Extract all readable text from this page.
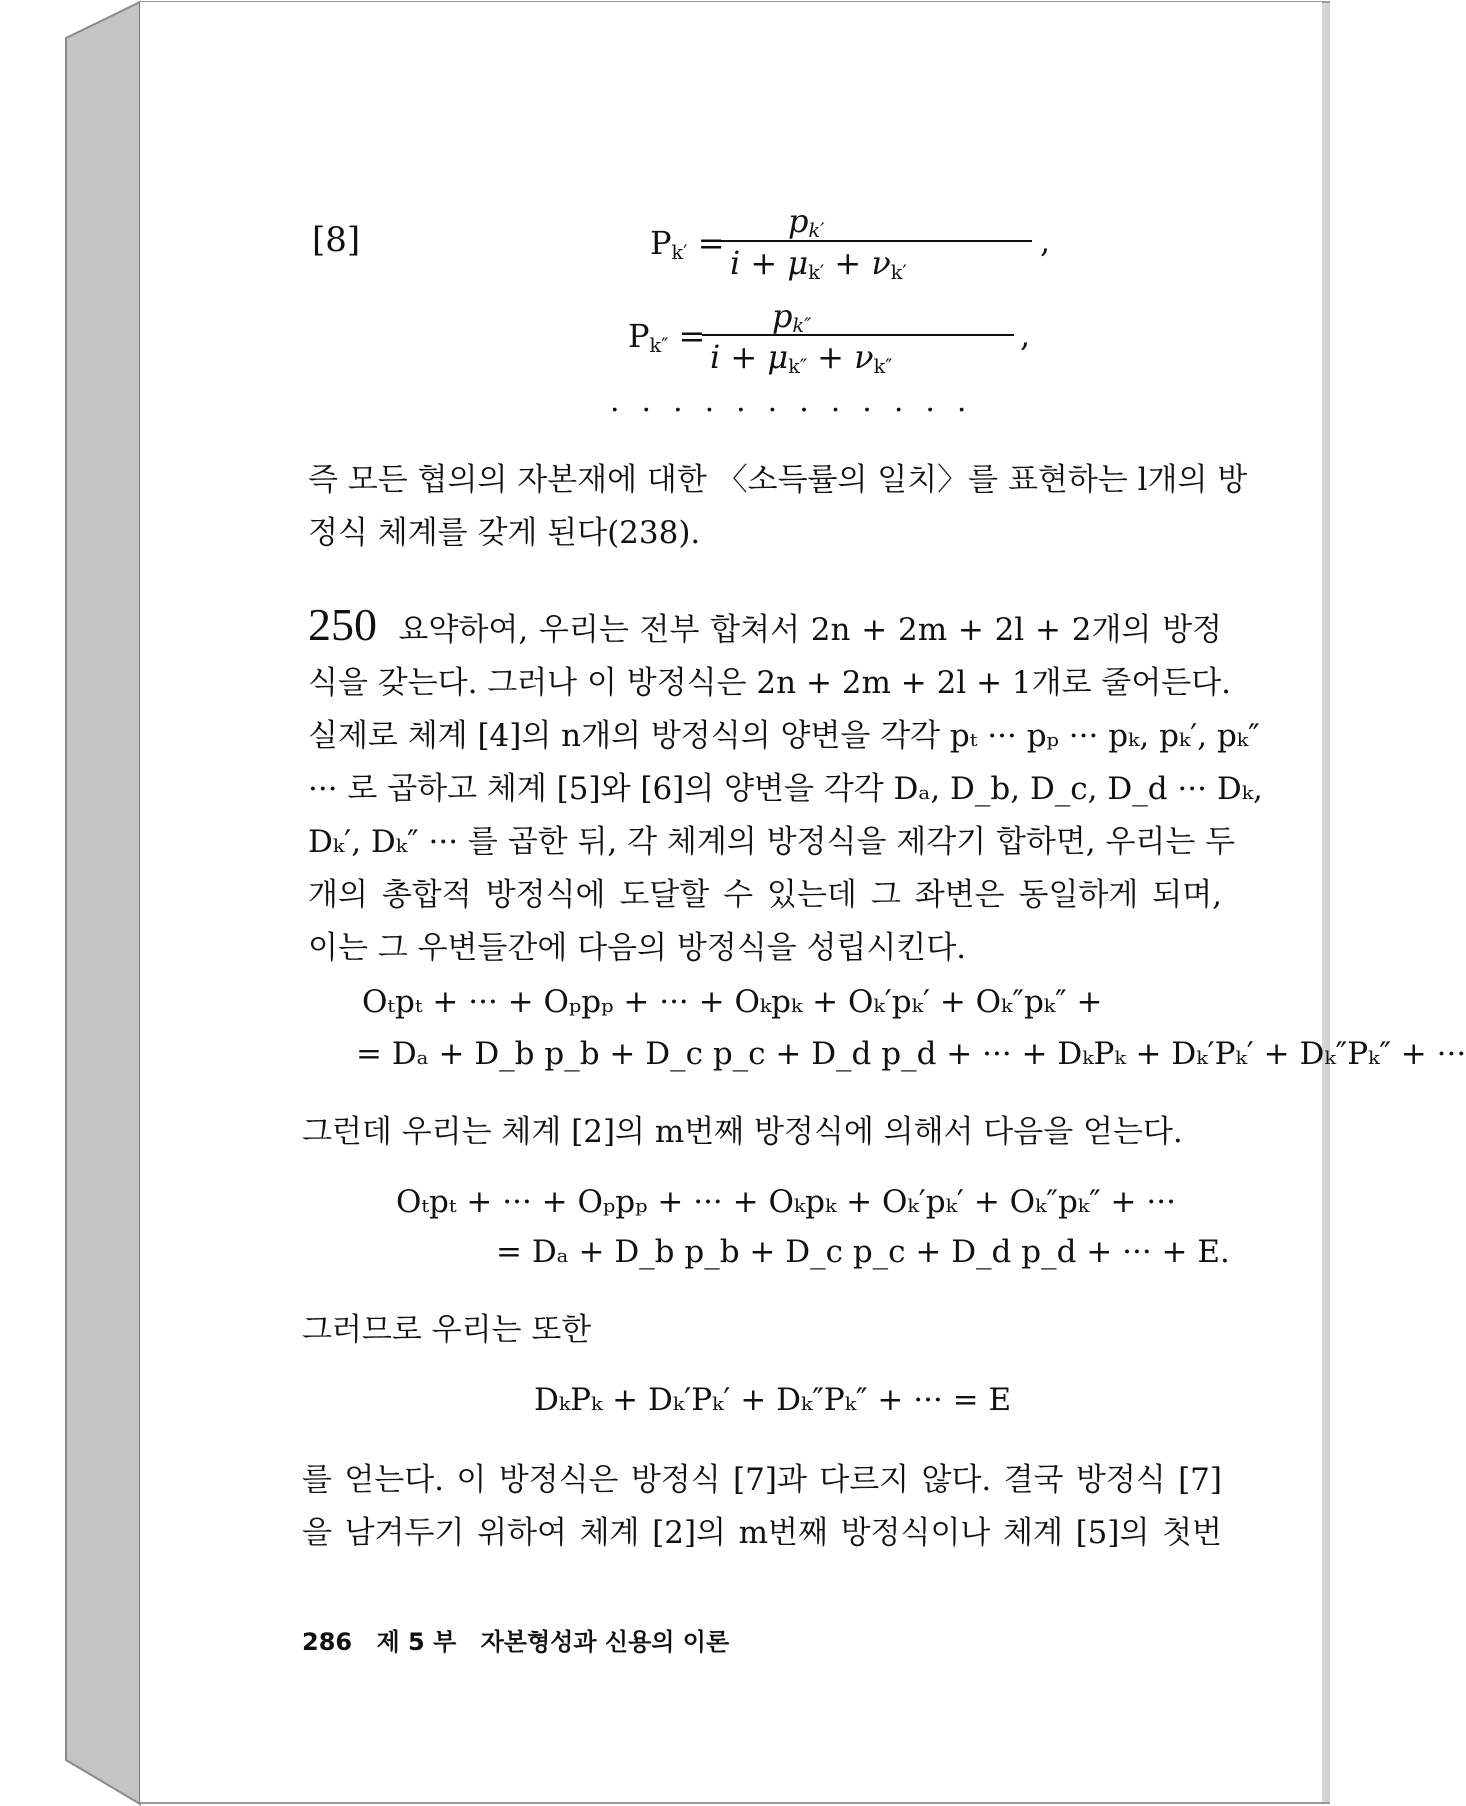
[8]	$P_{k'}$ =
$p_{k'}$
$i + \mu_{k'} + \nu_{k'}$
,
$P_{k''}$ =
$p_{k''}$
$i + \mu_{k''} + \nu_{k''}$
,
............
즉 모든 협의의 자본재에 대한 〈소득률의 일치〉를 표현하는 l개의 방
정식 체계를 갖게 된다(238).
250 요약하여, 우리는 전부 합쳐서 2n + 2m + 2l + 2개의 방정
식을 갖는다. 그러나 이 방정식은 2n + 2m + 2l + 1개로 줄어든다.
실제로 체계 [4]의 n개의 방정식의 양변을 각각 pₜ ··· pₚ ··· pₖ, pₖ′, pₖ″
··· 로 곱하고 체계 [5]와 [6]의 양변을 각각 Dₐ, D_b, D_c, D_d ··· Dₖ,
Dₖ′, Dₖ″ ··· 를 곱한 뒤, 각 체계의 방정식을 제각기 합하면, 우리는 두
개의 총합적 방정식에 도달할 수 있는데 그 좌변은 동일하게 되며,
이는 그 우변들간에 다음의 방정식을 성립시킨다.
Oₜpₜ + ··· + Oₚpₚ + ··· + Oₖpₖ + Oₖ′pₖ′ + Oₖ″pₖ″ +
= Dₐ + D_b p_b + D_c p_c + D_d p_d + ··· + DₖPₖ + Dₖ′Pₖ′ + Dₖ″Pₖ″ + ···
그런데 우리는 체계 [2]의 m번째 방정식에 의해서 다음을 얻는다.
Oₜpₜ + ··· + Oₚpₚ + ··· + Oₖpₖ + Oₖ′pₖ′ + Oₖ″pₖ″ + ···
= Dₐ + D_b p_b + D_c p_c + D_d p_d + ··· + E.
그러므로 우리는 또한
DₖPₖ + Dₖ′Pₖ′ + Dₖ″Pₖ″ + ··· = E
를 얻는다. 이 방정식은 방정식 [7]과 다르지 않다. 결국 방정식 [7]
을 남겨두기 위하여 체계 [2]의 m번째 방정식이나 체계 [5]의 첫번
286 제 5 부 자본형성과 신용의 이론
